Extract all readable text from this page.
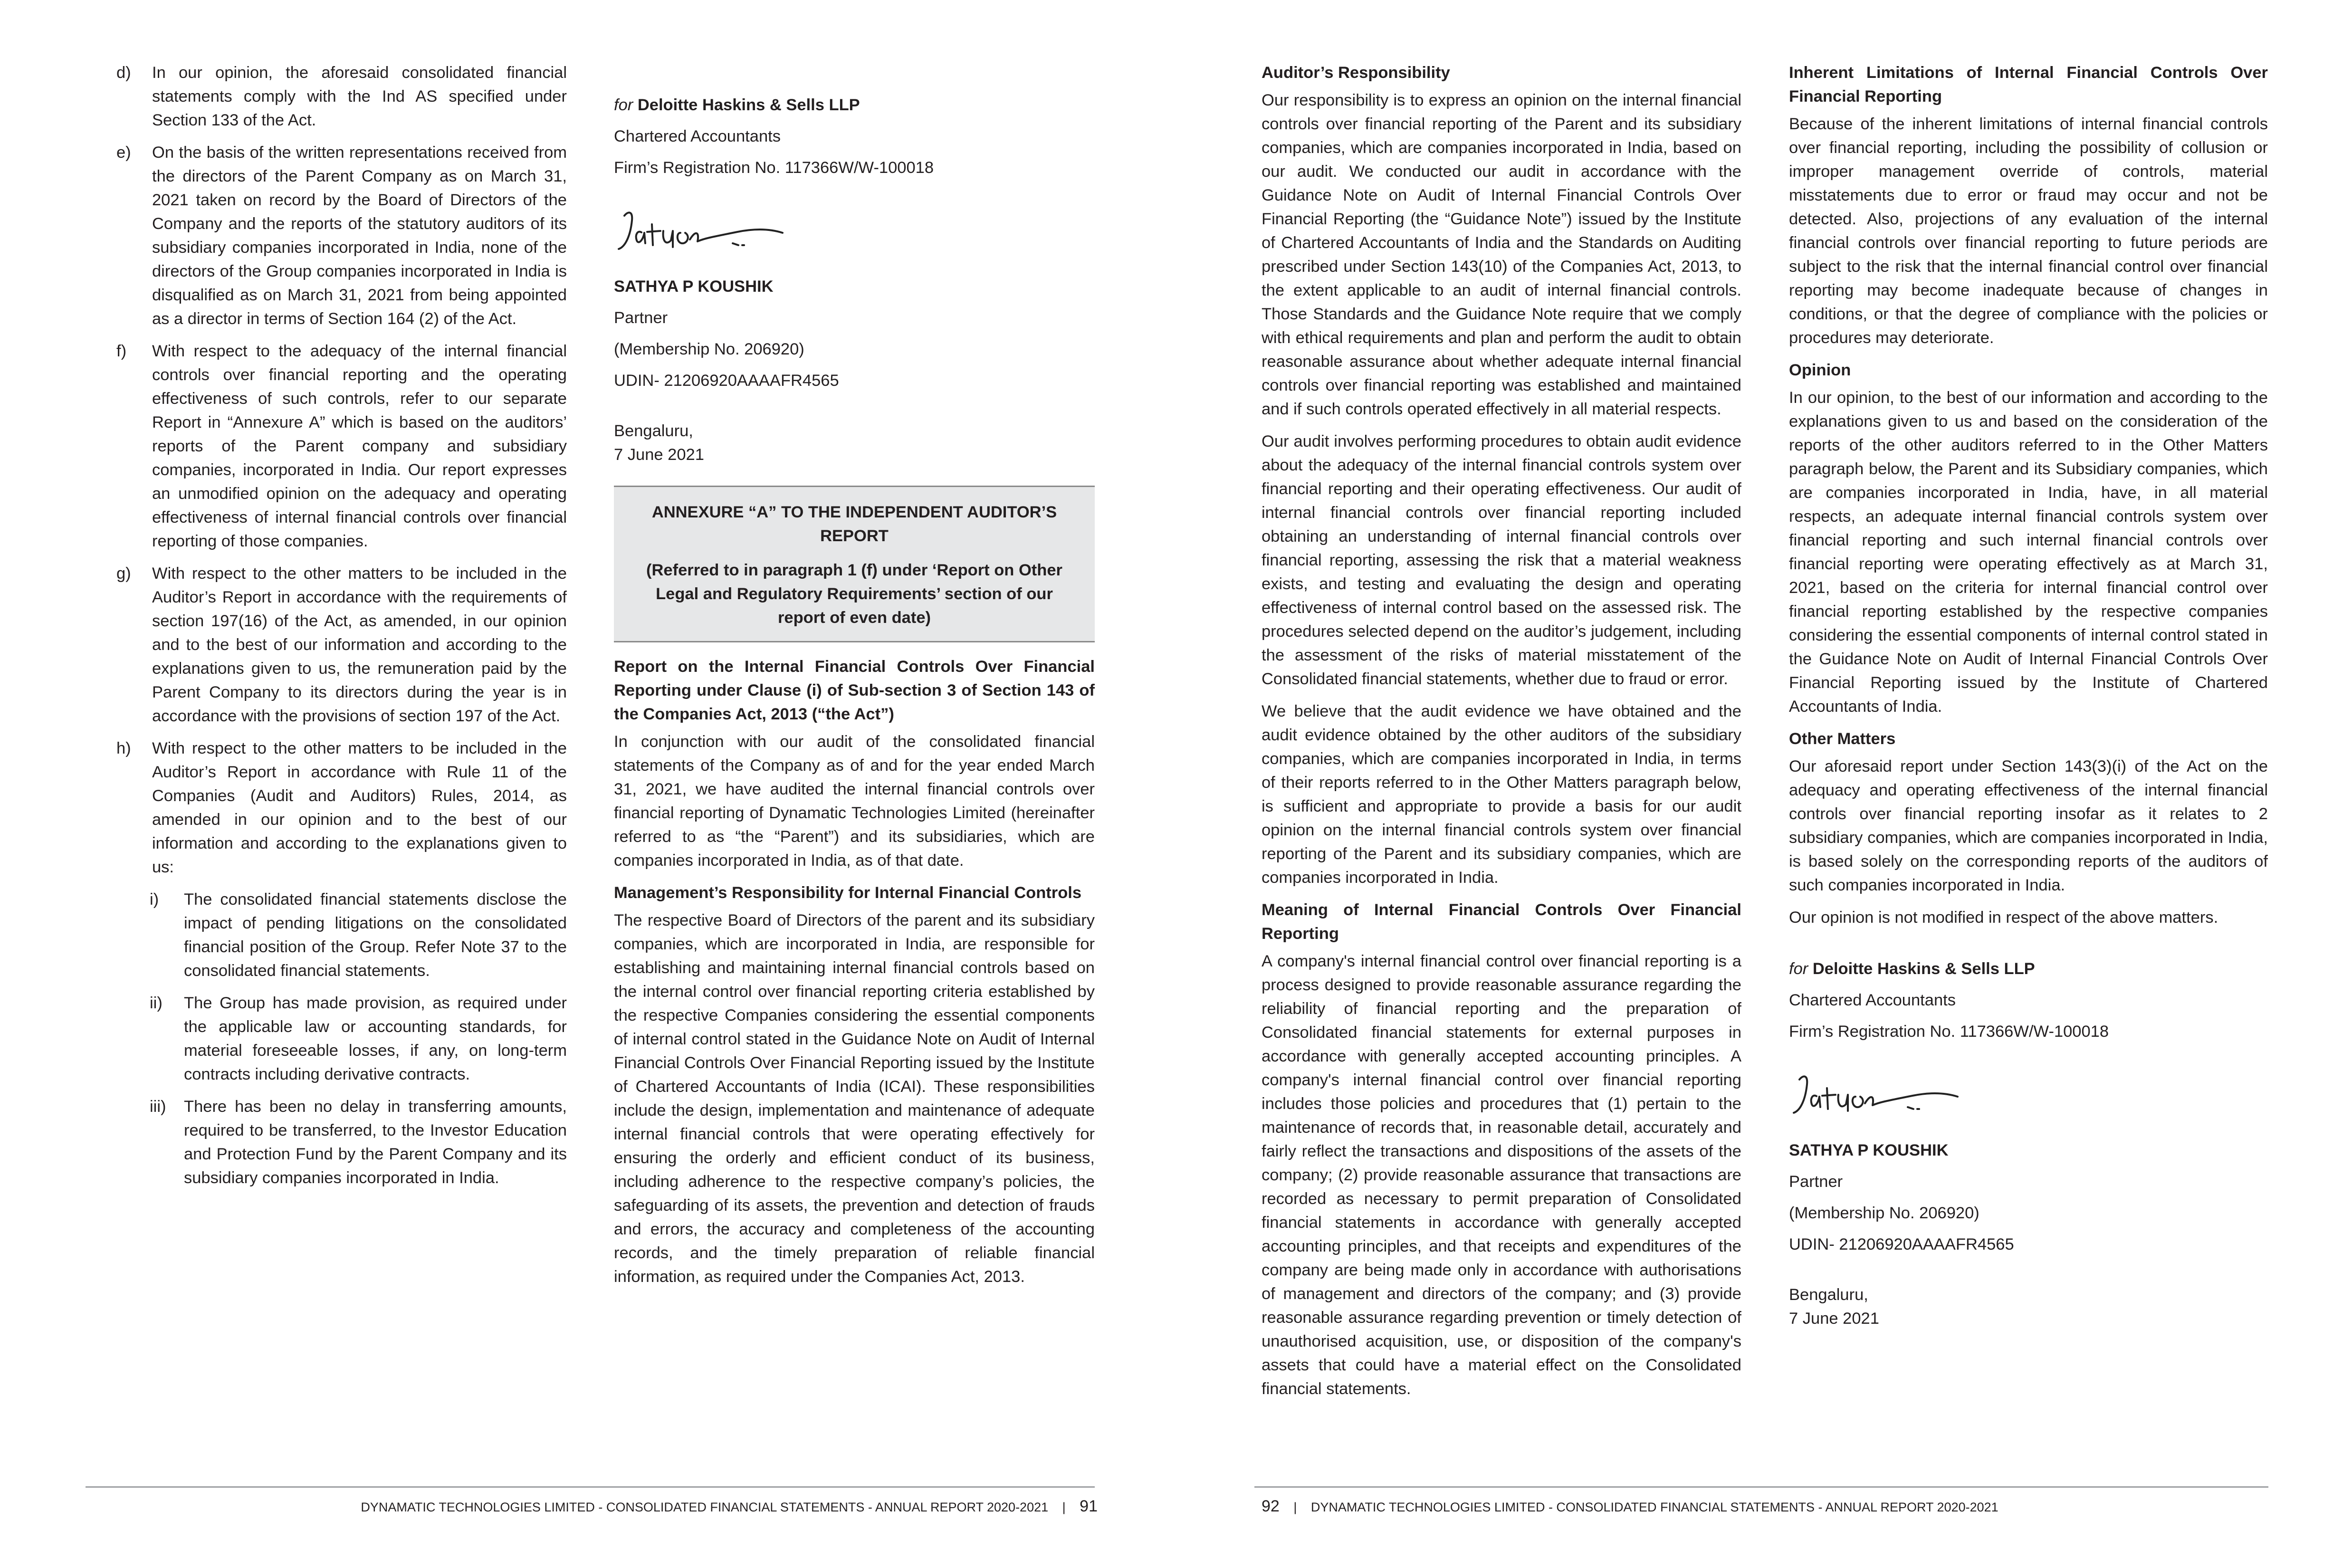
d) In our opinion, the aforesaid consolidated financial statements comply with the Ind AS specified under Section 133 of the Act.
e) On the basis of the written representations received from the directors of the Parent Company as on March 31, 2021 taken on record by the Board of Directors of the Company and the reports of the statutory auditors of its subsidiary companies incorporated in India, none of the directors of the Group companies incorporated in India is disqualified as on March 31, 2021 from being appointed as a director in terms of Section 164 (2) of the Act.
f) With respect to the adequacy of the internal financial controls over financial reporting and the operating effectiveness of such controls, refer to our separate Report in “Annexure A” which is based on the auditors’ reports of the Parent company and subsidiary companies, incorporated in India. Our report expresses an unmodified opinion on the adequacy and operating effectiveness of internal financial controls over financial reporting of those companies.
g) With respect to the other matters to be included in the Auditor’s Report in accordance with the requirements of section 197(16) of the Act, as amended, in our opinion and to the best of our information and according to the explanations given to us, the remuneration paid by the Parent Company to its directors during the year is in accordance with the provisions of section 197 of the Act.
h) With respect to the other matters to be included in the Auditor’s Report in accordance with Rule 11 of the Companies (Audit and Auditors) Rules, 2014, as amended in our opinion and to the best of our information and according to the explanations given to us:
i) The consolidated financial statements disclose the impact of pending litigations on the consolidated financial position of the Group. Refer Note 37 to the consolidated financial statements.
ii) The Group has made provision, as required under the applicable law or accounting standards, for material foreseeable losses, if any, on long-term contracts including derivative contracts.
iii) There has been no delay in transferring amounts, required to be transferred, to the Investor Education and Protection Fund by the Parent Company and its subsidiary companies incorporated in India.
for Deloitte Haskins & Sells LLP
Chartered Accountants
Firm’s Registration No. 117366W/W-100018
SATHYA P KOUSHIK
Partner
(Membership No. 206920)
UDIN- 21206920AAAAFR4565
Bengaluru,
7 June 2021
ANNEXURE “A” TO THE INDEPENDENT AUDITOR’S REPORT
(Referred to in paragraph 1 (f) under ‘Report on Other Legal and Regulatory Requirements’ section of our report of even date)
Report on the Internal Financial Controls Over Financial Reporting under Clause (i) of Sub-section 3 of Section 143 of the Companies Act, 2013 (“the Act”)

In conjunction with our audit of the consolidated financial statements of the Company as of and for the year ended March 31, 2021, we have audited the internal financial controls over financial reporting of Dynamatic Technologies Limited (hereinafter referred to as “the “Parent”) and its subsidiaries, which are companies incorporated in India, as of that date.

Management’s Responsibility for Internal Financial Controls

The respective Board of Directors of the parent and its subsidiary companies, which are incorporated in India, are responsible for establishing and maintaining internal financial controls based on the internal control over financial reporting criteria established by the respective Companies considering the essential components of internal control stated in the Guidance Note on Audit of Internal Financial Controls Over Financial Reporting issued by the Institute of Chartered Accountants of India (ICAI). These responsibilities include the design, implementation and maintenance of adequate internal financial controls that were operating effectively for ensuring the orderly and efficient conduct of its business, including adherence to the respective company’s policies, the safeguarding of its assets, the prevention and detection of frauds and errors, the accuracy and completeness of the accounting records, and the timely preparation of reliable financial information, as required under the Companies Act, 2013.

DYNAMATIC TECHNOLOGIES LIMITED - CONSOLIDATED FINANCIAL STATEMENTS - ANNUAL REPORT 2020-2021 | 91
Auditor’s Responsibility

Our responsibility is to express an opinion on the internal financial controls over financial reporting of the Parent and its subsidiary companies, which are companies incorporated in India, based on our audit. We conducted our audit in accordance with the Guidance Note on Audit of Internal Financial Controls Over Financial Reporting (the “Guidance Note”) issued by the Institute of Chartered Accountants of India and the Standards on Auditing prescribed under Section 143(10) of the Companies Act, 2013, to the extent applicable to an audit of internal financial controls. Those Standards and the Guidance Note require that we comply with ethical requirements and plan and perform the audit to obtain reasonable assurance about whether adequate internal financial controls over financial reporting was established and maintained and if such controls operated effectively in all material respects.

Our audit involves performing procedures to obtain audit evidence about the adequacy of the internal financial controls system over financial reporting and their operating effectiveness. Our audit of internal financial controls over financial reporting included obtaining an understanding of internal financial controls over financial reporting, assessing the risk that a material weakness exists, and testing and evaluating the design and operating effectiveness of internal control based on the assessed risk. The procedures selected depend on the auditor’s judgement, including the assessment of the risks of material misstatement of the Consolidated financial statements, whether due to fraud or error.

We believe that the audit evidence we have obtained and the audit evidence obtained by the other auditors of the subsidiary companies, which are companies incorporated in India, in terms of their reports referred to in the Other Matters paragraph below, is sufficient and appropriate to provide a basis for our audit opinion on the internal financial controls system over financial reporting of the Parent and its subsidiary companies, which are companies incorporated in India.

Meaning of Internal Financial Controls Over Financial Reporting

A company's internal financial control over financial reporting is a process designed to provide reasonable assurance regarding the reliability of financial reporting and the preparation of Consolidated financial statements for external purposes in accordance with generally accepted accounting principles. A company's internal financial control over financial reporting includes those policies and procedures that (1) pertain to the maintenance of records that, in reasonable detail, accurately and fairly reflect the transactions and dispositions of the assets of the company; (2) provide reasonable assurance that transactions are recorded as necessary to permit preparation of Consolidated financial statements in accordance with generally accepted accounting principles, and that receipts and expenditures of the company are being made only in accordance with authorisations of management and directors of the company; and (3) provide reasonable assurance regarding prevention or timely detection of unauthorised acquisition, use, or disposition of the company's assets that could have a material effect on the Consolidated financial statements.

Inherent Limitations of Internal Financial Controls Over Financial Reporting

Because of the inherent limitations of internal financial controls over financial reporting, including the possibility of collusion or improper management override of controls, material misstatements due to error or fraud may occur and not be detected. Also, projections of any evaluation of the internal financial controls over financial reporting to future periods are subject to the risk that the internal financial control over financial reporting may become inadequate because of changes in conditions, or that the degree of compliance with the policies or procedures may deteriorate.

Opinion

In our opinion, to the best of our information and according to the explanations given to us and based on the consideration of the reports of the other auditors referred to in the Other Matters paragraph below, the Parent and its Subsidiary companies, which are companies incorporated in India, have, in all material respects, an adequate internal financial controls system over financial reporting and such internal financial controls over financial reporting were operating effectively as at March 31, 2021, based on the criteria for internal financial control over financial reporting established by the respective companies considering the essential components of internal control stated in the Guidance Note on Audit of Internal Financial Controls Over Financial Reporting issued by the Institute of Chartered Accountants of India.

Other Matters

Our aforesaid report under Section 143(3)(i) of the Act on the adequacy and operating effectiveness of the internal financial controls over financial reporting insofar as it relates to 2 subsidiary companies, which are companies incorporated in India, is based solely on the corresponding reports of the auditors of such companies incorporated in India.

Our opinion is not modified in respect of the above matters.

for Deloitte Haskins & Sells LLP
Chartered Accountants
Firm’s Registration No. 117366W/W-100018
SATHYA P KOUSHIK
Partner
(Membership No. 206920)
UDIN- 21206920AAAAFR4565
Bengaluru,
7 June 2021
92 | DYNAMATIC TECHNOLOGIES LIMITED - CONSOLIDATED FINANCIAL STATEMENTS - ANNUAL REPORT 2020-2021
